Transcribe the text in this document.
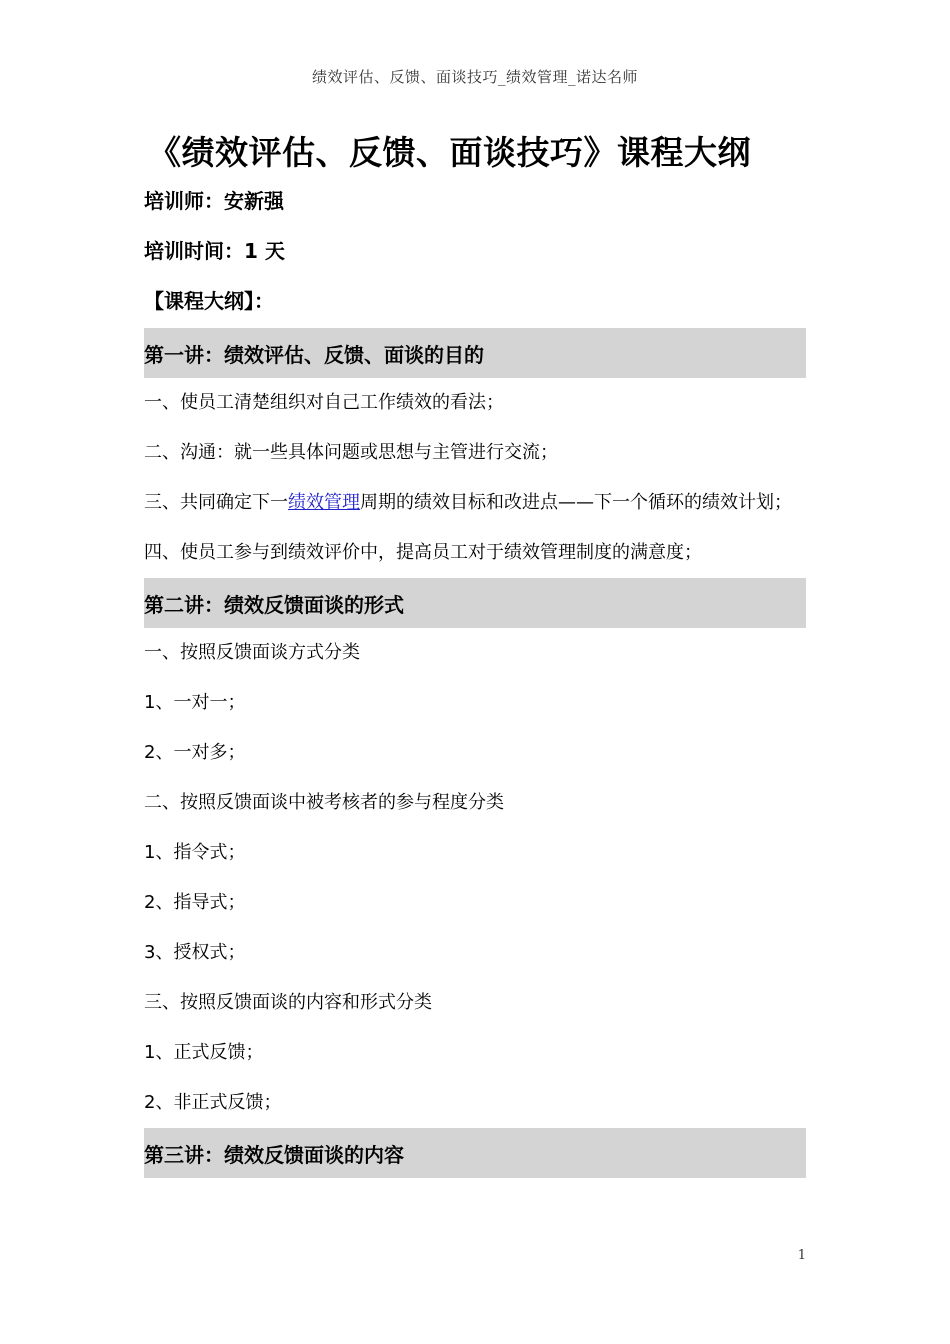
绩效评估、反馈、面谈技巧_绩效管理_诺达名师
《绩效评估、反馈、面谈技巧》课程大纲

培训师：安新强

培训时间：1 天

【课程大纲】：

第一讲：绩效评估、反馈、面谈的目的

一、使员工清楚组织对自己工作绩效的看法；

二、沟通：就一些具体问题或思想与主管进行交流；

三、共同确定下一绩效管理周期的绩效目标和改进点——下一个循环的绩效计划；

四、使员工参与到绩效评价中，提高员工对于绩效管理制度的满意度；

第二讲：绩效反馈面谈的形式

一、按照反馈面谈方式分类

1、一对一；

2、一对多；

二、按照反馈面谈中被考核者的参与程度分类

1、指令式；

2、指导式；

3、授权式；

三、按照反馈面谈的内容和形式分类

1、正式反馈；

2、非正式反馈；

第三讲：绩效反馈面谈的内容
1
